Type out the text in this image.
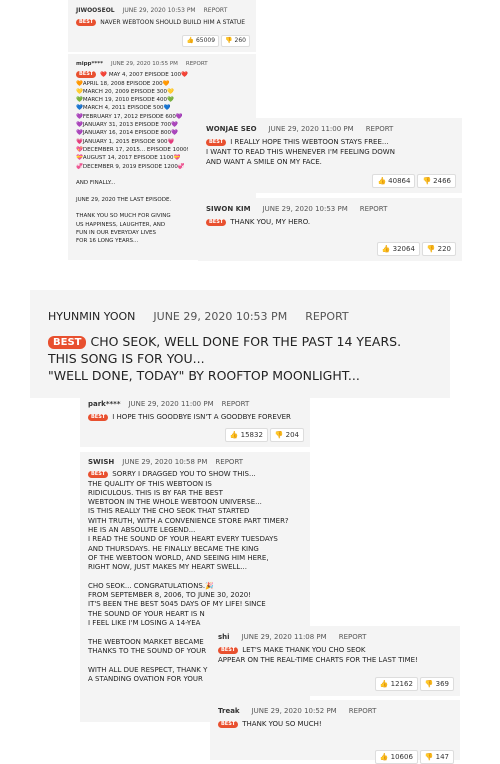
JIWOOSEOL JUNE 29, 2020 10:53 PM REPORT
BEST NAVER WEBTOON SHOULD BUILD HIM A STATUE
👍 65009 👎 260
mipp**** JUNE 29, 2020 10:55 PM REPORT
BEST ❤️ MAY 4, 2007 EPISODE 100❤️
🧡APRIL 18, 2008 EPISODE 200🧡
💛MARCH 20, 2009 EPISODE 300💛
💚MARCH 19, 2010 EPISODE 400💚
💙MARCH 4, 2011 EPISODE 500💙
💜FEBRUARY 17, 2012 EPISODE 600💜
💜JANUARY 31, 2013 EPISODE 700💜
💜JANUARY 16, 2014 EPISODE 800💜
💗JANUARY 1, 2015 EPISODE 900💗
💖DECEMBER 17, 2015... EPISODE 1000!
💝AUGUST 14, 2017 EPISODE 1100💝
💞DECEMBER 9, 2019 EPISODE 1200💞

AND FINALLY...

JUNE 29, 2020 THE LAST EPISODE.

THANK YOU SO MUCH FOR GIVING
US HAPPINESS, LAUGHTER, AND
FUN IN OUR EVERYDAY LIVES
FOR 16 LONG YEARS...
WONJAE SEO JUNE 29, 2020 11:00 PM REPORT
BEST I REALLY HOPE THIS WEBTOON STAYS FREE...
I WANT TO READ THIS WHENEVER I'M FEELING DOWN
AND WANT A SMILE ON MY FACE.
👍 40864 👎 2466
SIWON KIM JUNE 29, 2020 10:53 PM REPORT
BEST THANK YOU, MY HERO.
👍 32064 👎 220
HYUNMIN YOON JUNE 29, 2020 10:53 PM REPORT
BEST CHO SEOK, WELL DONE FOR THE PAST 14 YEARS.
THIS SONG IS FOR YOU...
"WELL DONE, TODAY" BY ROOFTOP MOONLIGHT...
park**** JUNE 29, 2020 11:00 PM REPORT
BEST I HOPE THIS GOODBYE ISN'T A GOODBYE FOREVER
👍 15832 👎 204
SWISH JUNE 29, 2020 10:58 PM REPORT
BEST SORRY I DRAGGED YOU TO SHOW THIS...
THE QUALITY OF THIS WEBTOON IS
RIDICULOUS. THIS IS BY FAR THE BEST
WEBTOON IN THE WHOLE WEBTOON UNIVERSE...
IS THIS REALLY THE CHO SEOK THAT STARTED
WITH TRUTH, WITH A CONVENIENCE STORE PART TIMER?
HE IS AN ABSOLUTE LEGEND...
I READ THE SOUND OF YOUR HEART EVERY TUESDAYS
AND THURSDAYS. HE FINALLY BECAME THE KING
OF THE WEBTOON WORLD, AND SEEING HIM HERE,
RIGHT NOW, JUST MAKES MY HEART SWELL...

CHO SEOK... CONGRATULATIONS.🎉
FROM SEPTEMBER 8, 2006, TO JUNE 30, 2020!
IT'S BEEN THE BEST 5045 DAYS OF MY LIFE! SINCE
THE SOUND OF YOUR HEART IS N
I FEEL LIKE I'M LOSING A 14-YEA

THE WEBTOON MARKET BECAME
THANKS TO THE SOUND OF YOUR

WITH ALL DUE RESPECT, THANK Y
A STANDING OVATION FOR YOUR
shi JUNE 29, 2020 11:08 PM REPORT
BEST LET'S MAKE THANK YOU CHO SEOK
APPEAR ON THE REAL-TIME CHARTS FOR THE LAST TIME!
👍 12162 👎 369
Treak JUNE 29, 2020 10:52 PM REPORT
BEST THANK YOU SO MUCH!
👍 10606 👎 147
